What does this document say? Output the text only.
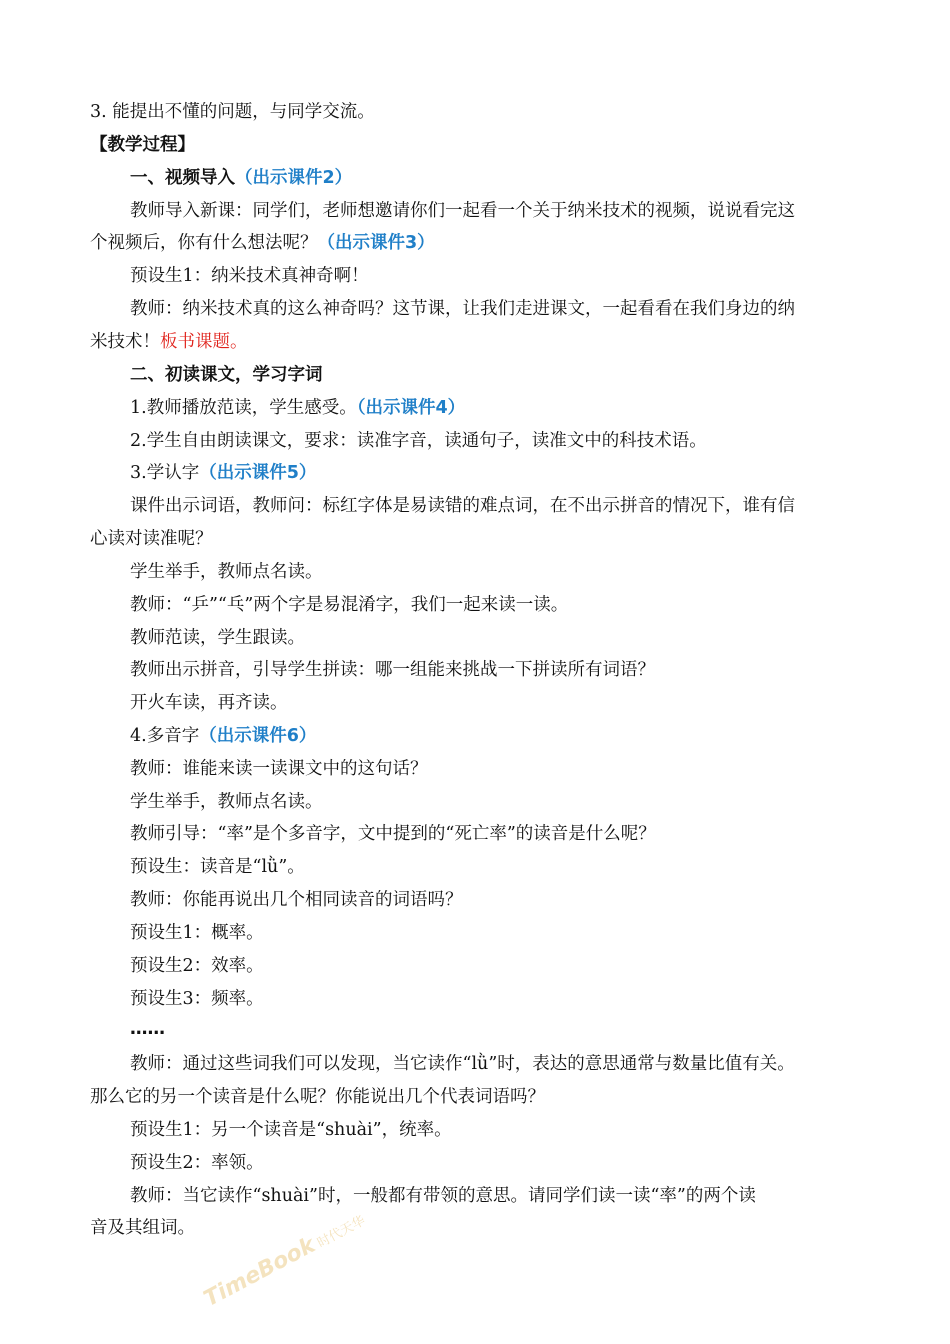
3. 能提出不懂的问题，与同学交流。
【教学过程】
一、视频导入（出示课件2）
教师导入新课：同学们，老师想邀请你们一起看一个关于纳米技术的视频，说说看完这
个视频后，你有什么想法呢？（出示课件3）
预设生1：纳米技术真神奇啊！
教师：纳米技术真的这么神奇吗？这节课，让我们走进课文，一起看看在我们身边的纳
米技术！板书课题。
二、初读课文，学习字词
1.教师播放范读，学生感受。（出示课件4）
2.学生自由朗读课文，要求：读准字音，读通句子，读准文中的科技术语。
3.学认字（出示课件5）
课件出示词语，教师问：标红字体是易读错的难点词，在不出示拼音的情况下，谁有信
心读对读准呢？
学生举手，教师点名读。
教师：“乒”“乓”两个字是易混淆字，我们一起来读一读。
教师范读，学生跟读。
教师出示拼音，引导学生拼读：哪一组能来挑战一下拼读所有词语？
开火车读，再齐读。
4.多音字（出示课件6）
教师：谁能来读一读课文中的这句话？
学生举手，教师点名读。
教师引导：“率”是个多音字，文中提到的“死亡率”的读音是什么呢？
预设生：读音是“lǜ”。
教师：你能再说出几个相同读音的词语吗？
预设生1：概率。
预设生2：效率。
预设生3：频率。
……
教师：通过这些词我们可以发现，当它读作“lǜ”时，表达的意思通常与数量比值有关。
那么它的另一个读音是什么呢？你能说出几个代表词语吗？
预设生1：另一个读音是“shuài”，统率。
预设生2：率领。
教师：当它读作“shuài”时，一般都有带领的意思。请同学们读一读“率”的两个读
音及其组词。
TimeBook时代天华
